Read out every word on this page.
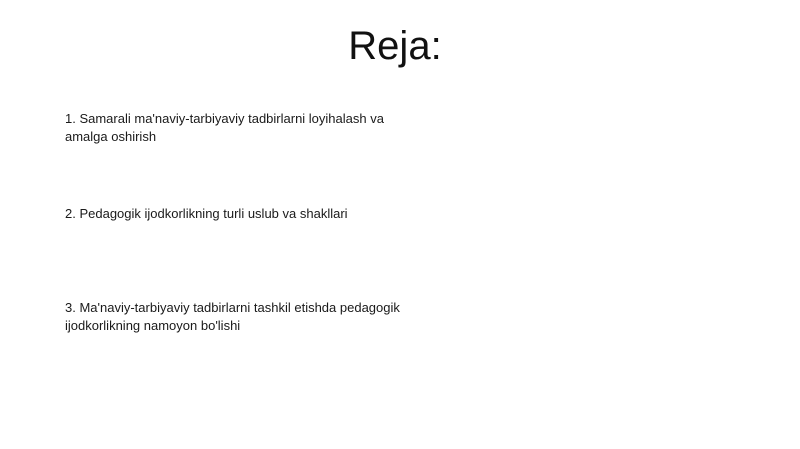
Reja:

1. Samarali ma'naviy-tarbiyaviy tadbirlarni loyihalash va amalga oshirish

2. Pedagogik ijodkorlikning turli uslub va shakllari

3. Ma'naviy-tarbiyaviy tadbirlarni tashkil etishda pedagogik ijodkorlikning namoyon bo'lishi
